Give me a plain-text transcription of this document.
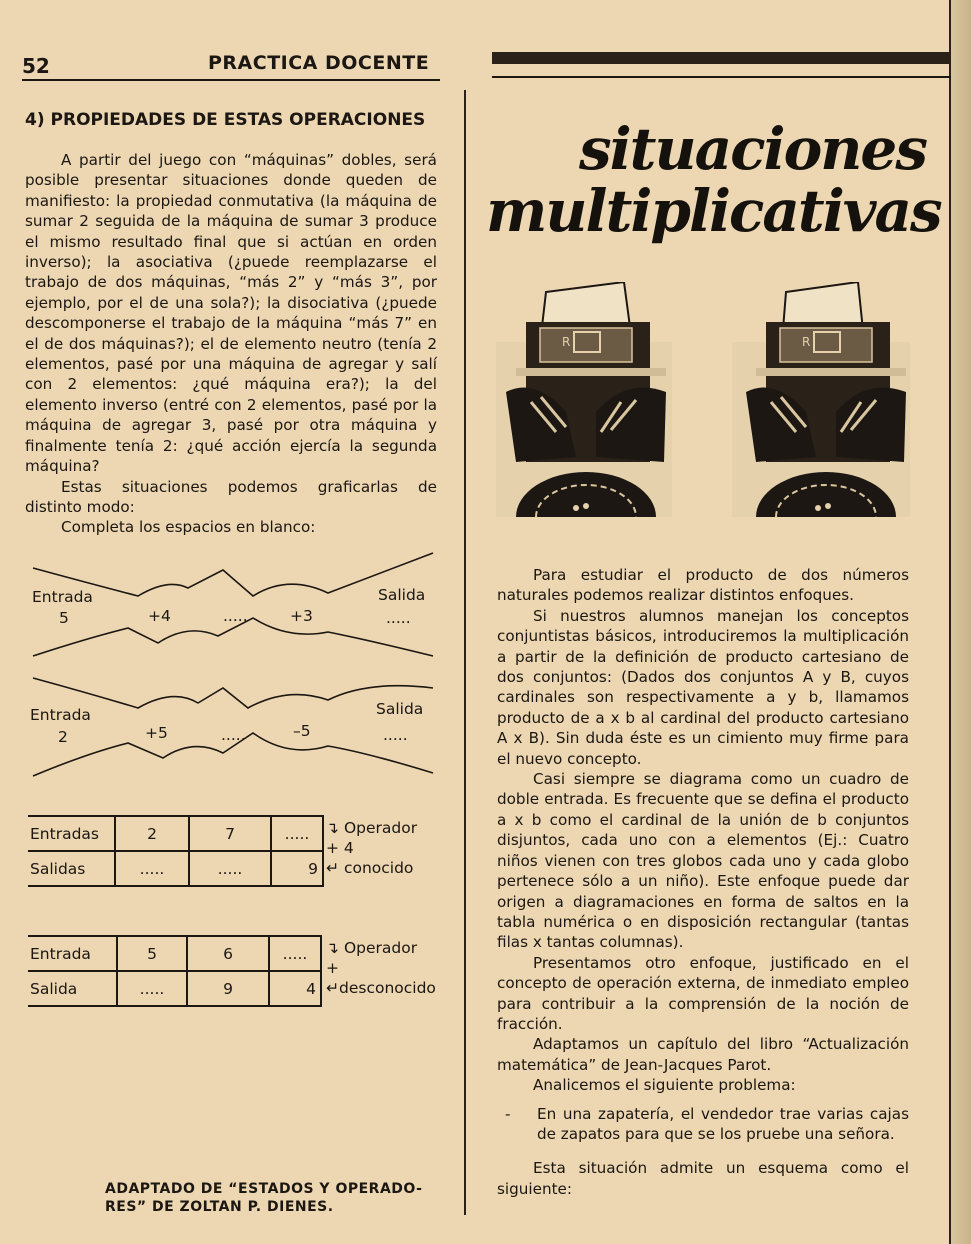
52	PRACTICA DOCENTE
4) PROPIEDADES DE ESTAS OPERACIONES

A partir del juego con “máquinas” dobles, será posible presentar situaciones donde queden de manifiesto: la propiedad conmutativa (la máquina de sumar 2 seguida de la máquina de sumar 3 produce el mismo resultado final que si actúan en orden inverso); la asociativa (¿puede reemplazarse el trabajo de dos máquinas, “más 2” y “más 3”, por ejemplo, por el de una sola?); la disociativa (¿puede descomponerse el trabajo de la máquina “más 7” en el de dos máquinas?); el de elemento neutro (tenía 2 elementos, pasé por una máquina de agregar y salí con 2 elementos: ¿qué máquina era?); la del elemento inverso (entré con 2 elementos, pasé por la máquina de agregar 3, pasé por otra máquina y finalmente tenía 2: ¿qué acción ejercía la segunda máquina?

Estas situaciones podemos graficarlas de distinto modo:

Completa los espacios en blanco:

Entrada	Salida
5	+4	.....	+3	.....
Entrada	Salida
2	+5	.....	–5	.....
Entradas	2	7	.....
Salidas	.....	.....	9
↴ Operador
+ 4
↵ conocido
Entrada	5	6	.....
Salida	.....	9	4
↴ Operador
+
↵desconocido
ADAPTADO DE “ESTADOS Y OPERADO-
RES” DE ZOLTAN P. DIENES.
situaciones
multiplicativas
R	R

Para estudiar el producto de dos números naturales podemos realizar distintos enfoques.

Si nuestros alumnos manejan los conceptos conjuntistas básicos, introduciremos la multiplicación a partir de la definición de producto cartesiano de dos conjuntos: (Dados dos conjuntos A y B, cuyos cardinales son respectivamente a y b, llamamos producto de a x b al cardinal del producto cartesiano A x B). Sin duda éste es un cimiento muy firme para el nuevo concepto.

Casi siempre se diagrama como un cuadro de doble entrada. Es frecuente que se defina el producto a x b como el cardinal de la unión de b conjuntos disjuntos, cada uno con a elementos (Ej.: Cuatro niños vienen con tres globos cada uno y cada globo pertenece sólo a un niño). Este enfoque puede dar origen a diagramaciones en forma de saltos en la tabla numérica o en disposición rectangular (tantas filas x tantas columnas).

Presentamos otro enfoque, justificado en el concepto de operación externa, de inmediato empleo para contribuir a la comprensión de la noción de fracción.

Adaptamos un capítulo del libro “Actualización matemática” de Jean-Jacques Parot.

Analicemos el siguiente problema:

- En una zapatería, el vendedor trae varias cajas de zapatos para que se los pruebe una señora.

Esta situación admite un esquema como el siguiente:
